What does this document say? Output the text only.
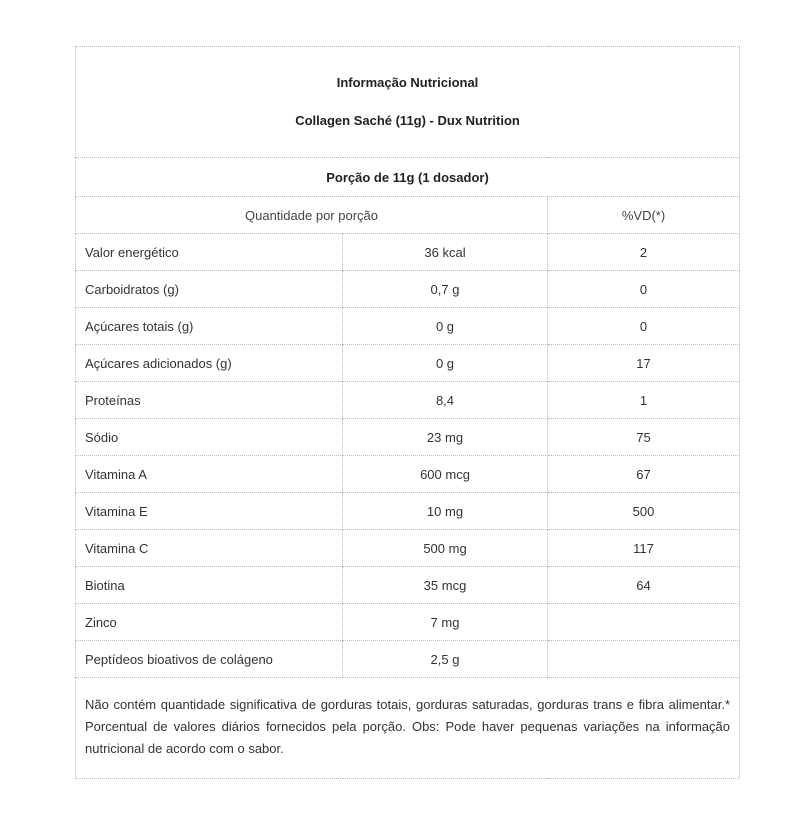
Informação Nutricional
Collagen Saché (11g) - Dux Nutrition		

Porção de 11g (1 dosador)		
Quantidade por porção		%VD(*)
Valor energético	36 kcal	2
Carboidratos (g)	0,7 g	0
Açúcares totais (g)	0 g	0
Açúcares adicionados (g)	0 g	17
Proteínas	8,4	1
Sódio	23 mg	75
Vitamina A	600 mcg	67
Vitamina E	10 mg	500
Vitamina C	500 mg	117
Biotina	35 mcg	64
Zinco	7 mg	
Peptídeos bioativos de colágeno	2,5 g	
Não contém quantidade significativa de gorduras totais, gorduras saturadas, gorduras trans e fibra alimentar.* Porcentual de valores diários fornecidos pela porção. Obs: Pode haver pequenas variações na informação nutricional de acordo com o sabor.		
